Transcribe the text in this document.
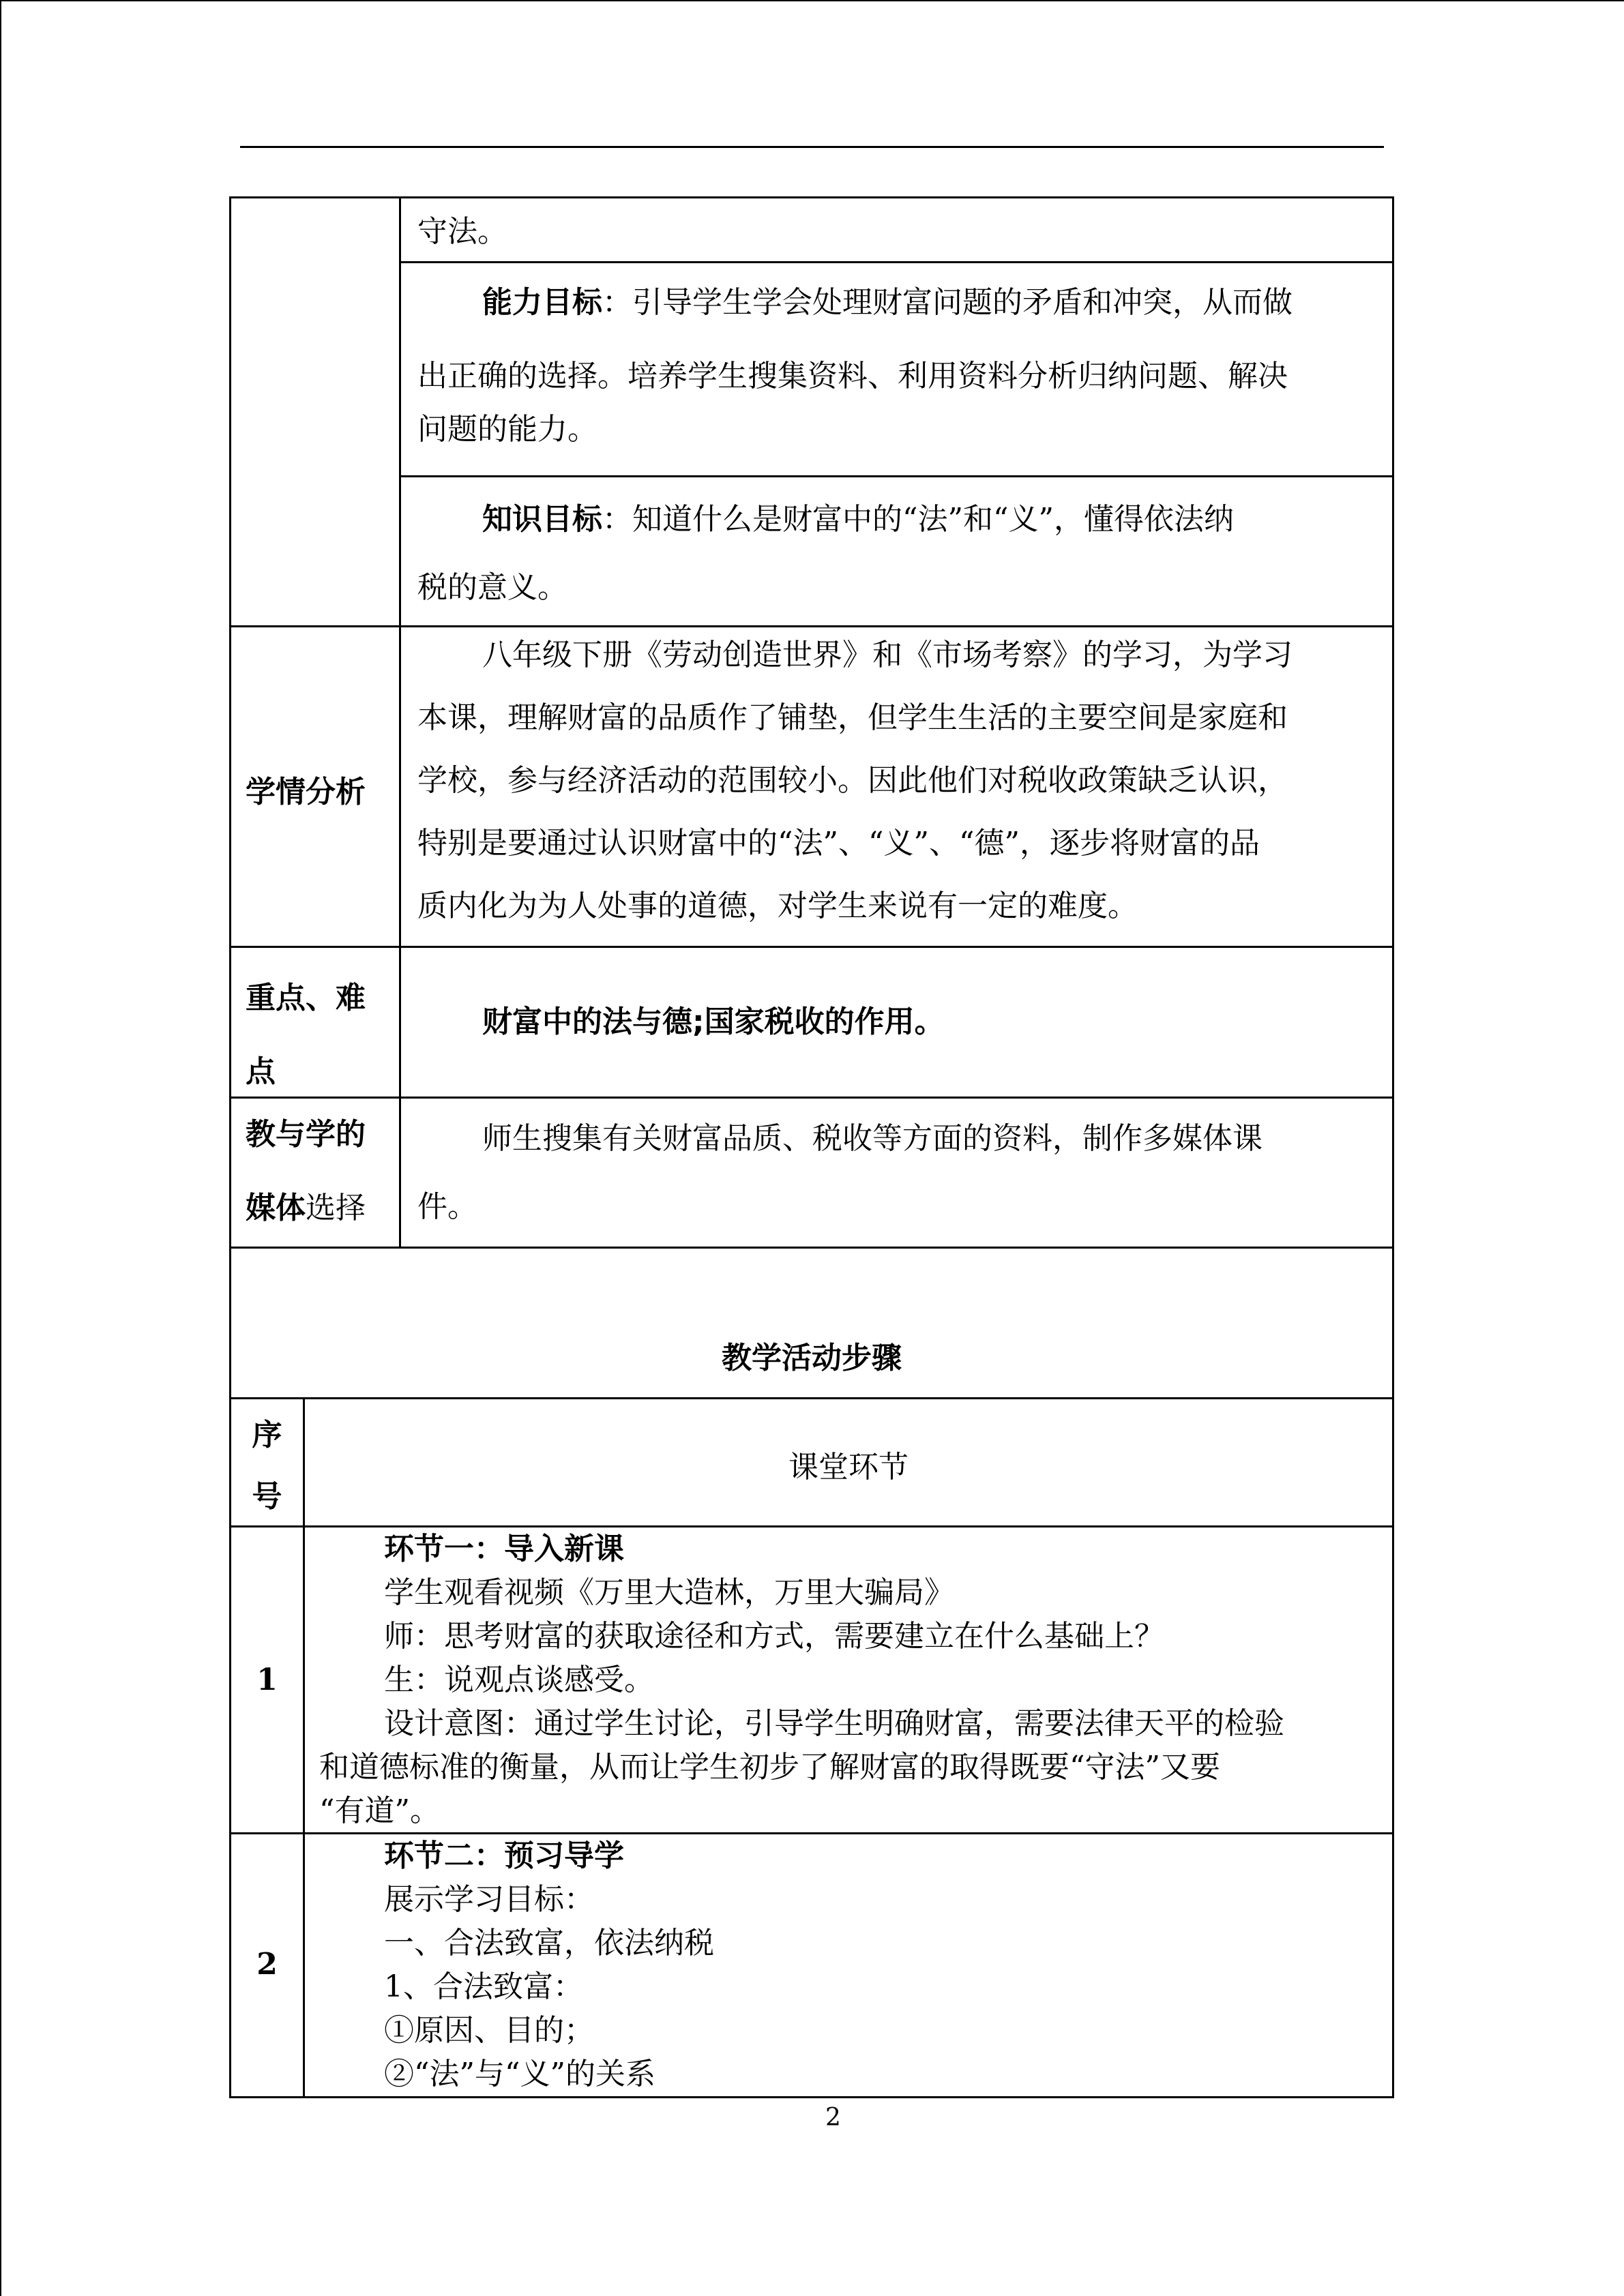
守法。
能力目标：引导学生学会处理财富问题的矛盾和冲突，从而做
出正确的选择。培养学生搜集资料、利用资料分析归纳问题、解决
问题的能力。
知识目标：知道什么是财富中的“法”和“义”，懂得依法纳
税的意义。
学情分析
八年级下册《劳动创造世界》和《市场考察》的学习，为学习
本课，理解财富的品质作了铺垫，但学生生活的主要空间是家庭和
学校，参与经济活动的范围较小。因此他们对税收政策缺乏认识，
特别是要通过认识财富中的“法”、“义”、“德”，逐步将财富的品
质内化为为人处事的道德，对学生来说有一定的难度。
重点、难
点
财富中的法与德;国家税收的作用。
教与学的
媒体选择
师生搜集有关财富品质、税收等方面的资料，制作多媒体课
件。
教学活动步骤
序
号
课堂环节
1
环节一：导入新课
学生观看视频《万里大造林，万里大骗局》
师：思考财富的获取途径和方式，需要建立在什么基础上？
生：说观点谈感受。
设计意图：通过学生讨论，引导学生明确财富，需要法律天平的检验
和道德标准的衡量，从而让学生初步了解财富的取得既要“守法”又要
“有道”。
2
环节二：预习导学
展示学习目标：
一、合法致富，依法纳税
1、合法致富：
①原因、目的；
②“法”与“义”的关系
2
